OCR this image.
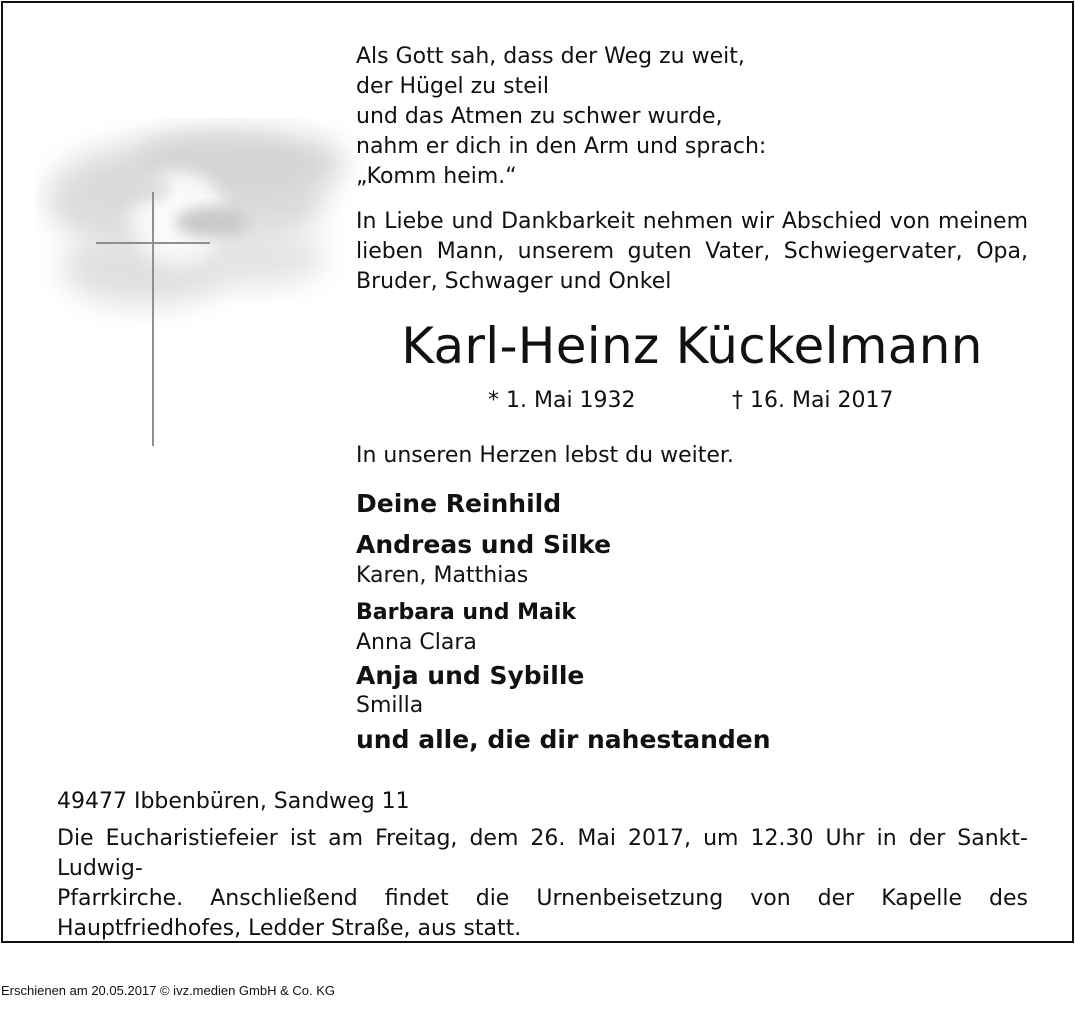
Als Gott sah, dass der Weg zu weit,
der Hügel zu steil
und das Atmen zu schwer wurde,
nahm er dich in den Arm und sprach:
„Komm heim.“
In Liebe und Dankbarkeit nehmen wir Abschied von meinem
lieben Mann, unserem guten Vater, Schwiegervater, Opa,
Bruder, Schwager und Onkel
Karl-Heinz Kückelmann
* 1. Mai 1932	† 16. Mai 2017
In unseren Herzen lebst du weiter.
Deine Reinhild
Andreas und Silke
Karen, Matthias
Barbara und Maik
Anna Clara
Anja und Sybille
Smilla
und alle, die dir nahestanden
49477 Ibbenbüren, Sandweg 11
Die Eucharistiefeier ist am Freitag, dem 26. Mai 2017, um 12.30 Uhr in der Sankt-Ludwig-
Pfarrkirche. Anschließend findet die Urnenbeisetzung von der Kapelle des
Hauptfriedhofes, Ledder Straße, aus statt.
Erschienen am 20.05.2017 © ivz.medien GmbH & Co. KG
